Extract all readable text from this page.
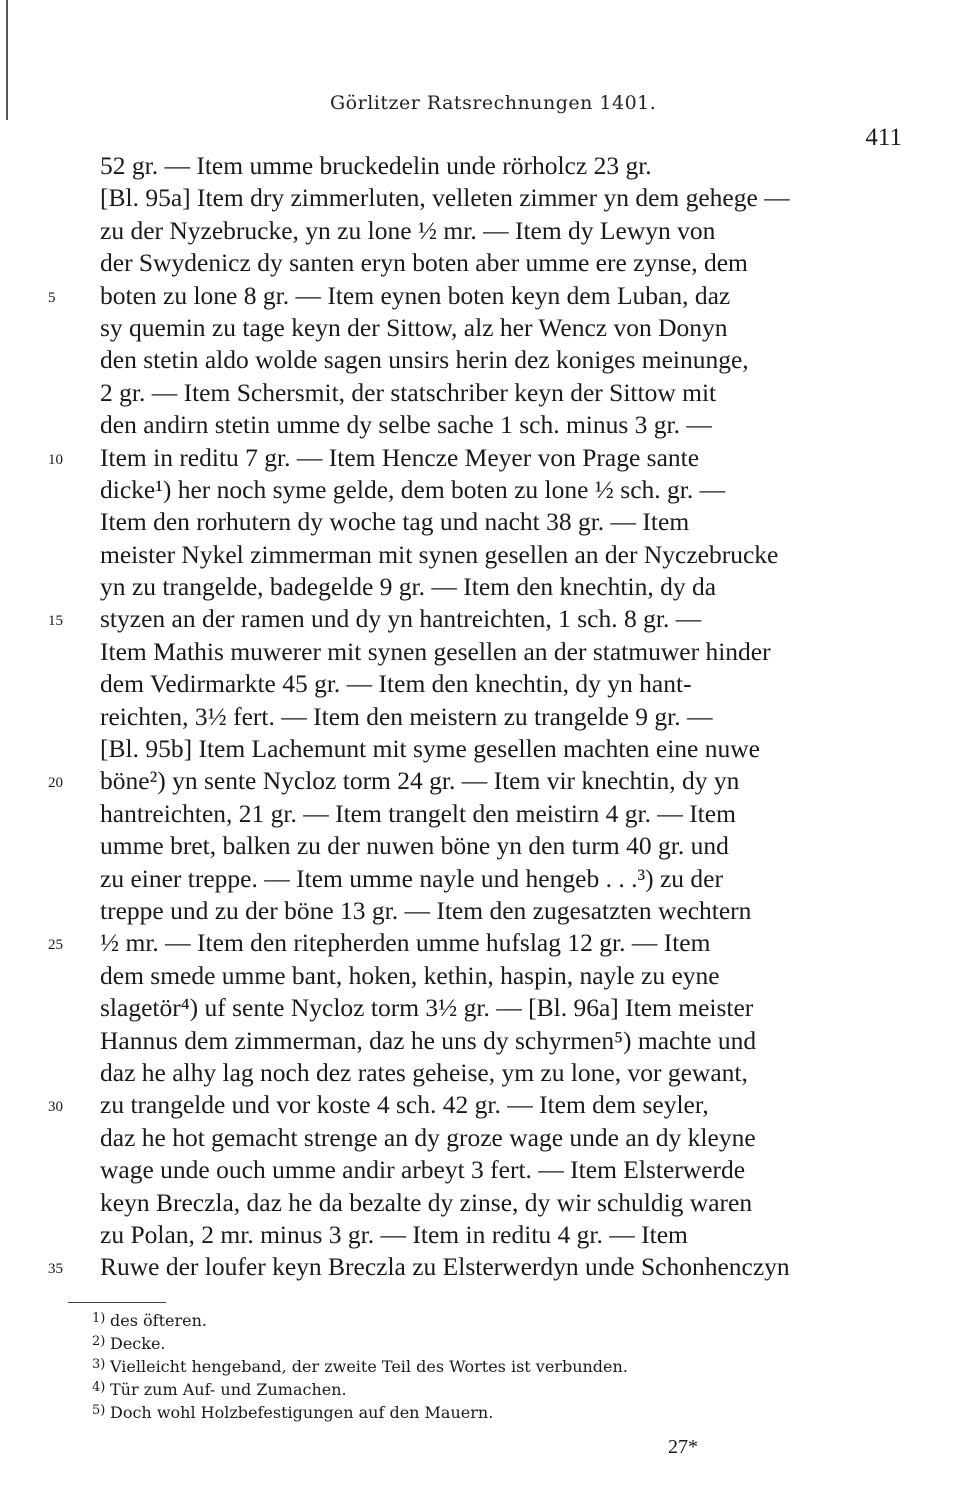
Görlitzer Ratsrechnungen 1401.
411
52 gr. — Item umme bruckedelin unde rörholcz 23 gr.
[Bl. 95a] Item dry zimmerluten, velleten zimmer yn dem gehege —
zu der Nyzebrucke, yn zu lone ½ mr. — Item dy Lewyn von
der Swydenicz dy santen eryn boten aber umme ere zynse, dem
5	boten zu lone 8 gr. — Item eynen boten keyn dem Luban, daz
sy quemin zu tage keyn der Sittow, alz her Wencz von Donyn
den stetin aldo wolde sagen unsirs herin dez koniges meinunge,
2 gr. — Item Schersmit, der statschriber keyn der Sittow mit
den andirn stetin umme dy selbe sache 1 sch. minus 3 gr. —
10	Item in reditu 7 gr. — Item Hencze Meyer von Prage sante
dicke¹) her noch syme gelde, dem boten zu lone ½ sch. gr. —
Item den rorhutern dy woche tag und nacht 38 gr. — Item
meister Nykel zimmerman mit synen gesellen an der Nyczebrucke
yn zu trangelde, badegelde 9 gr. — Item den knechtin, dy da
15	styzen an der ramen und dy yn hantreichten, 1 sch. 8 gr. —
Item Mathis muwerer mit synen gesellen an der statmuwer hinder
dem Vedirmarkte 45 gr. — Item den knechtin, dy yn hant-
reichten, 3½ fert. — Item den meistern zu trangelde 9 gr. —
[Bl. 95b] Item Lachemunt mit syme gesellen machten eine nuwe
20	böne²) yn sente Nycloz torm 24 gr. — Item vir knechtin, dy yn
hantreichten, 21 gr. — Item trangelt den meistirn 4 gr. — Item
umme bret, balken zu der nuwen böne yn den turm 40 gr. und
zu einer treppe. — Item umme nayle und hengeb . . .³) zu der
treppe und zu der böne 13 gr. — Item den zugesatzten wechtern
25	½ mr. — Item den ritepherden umme hufslag 12 gr. — Item
dem smede umme bant, hoken, kethin, haspin, nayle zu eyne
slagetör⁴) uf sente Nycloz torm 3½ gr. — [Bl. 96a] Item meister
Hannus dem zimmerman, daz he uns dy schyrmen⁵) machte und
daz he alhy lag noch dez rates geheise, ym zu lone, vor gewant,
30	zu trangelde und vor koste 4 sch. 42 gr. — Item dem seyler,
daz he hot gemacht strenge an dy groze wage unde an dy kleyne
wage unde ouch umme andir arbeyt 3 fert. — Item Elsterwerde
keyn Breczla, daz he da bezalte dy zinse, dy wir schuldig waren
zu Polan, 2 mr. minus 3 gr. — Item in reditu 4 gr. — Item
35	Ruwe der loufer keyn Breczla zu Elsterwerdyn unde Schonhenczyn
1) des öfteren.
2) Decke.
3) Vielleicht hengeband, der zweite Teil des Wortes ist verbunden.
4) Tür zum Auf- und Zumachen.
5) Doch wohl Holzbefestigungen auf den Mauern.
27*
